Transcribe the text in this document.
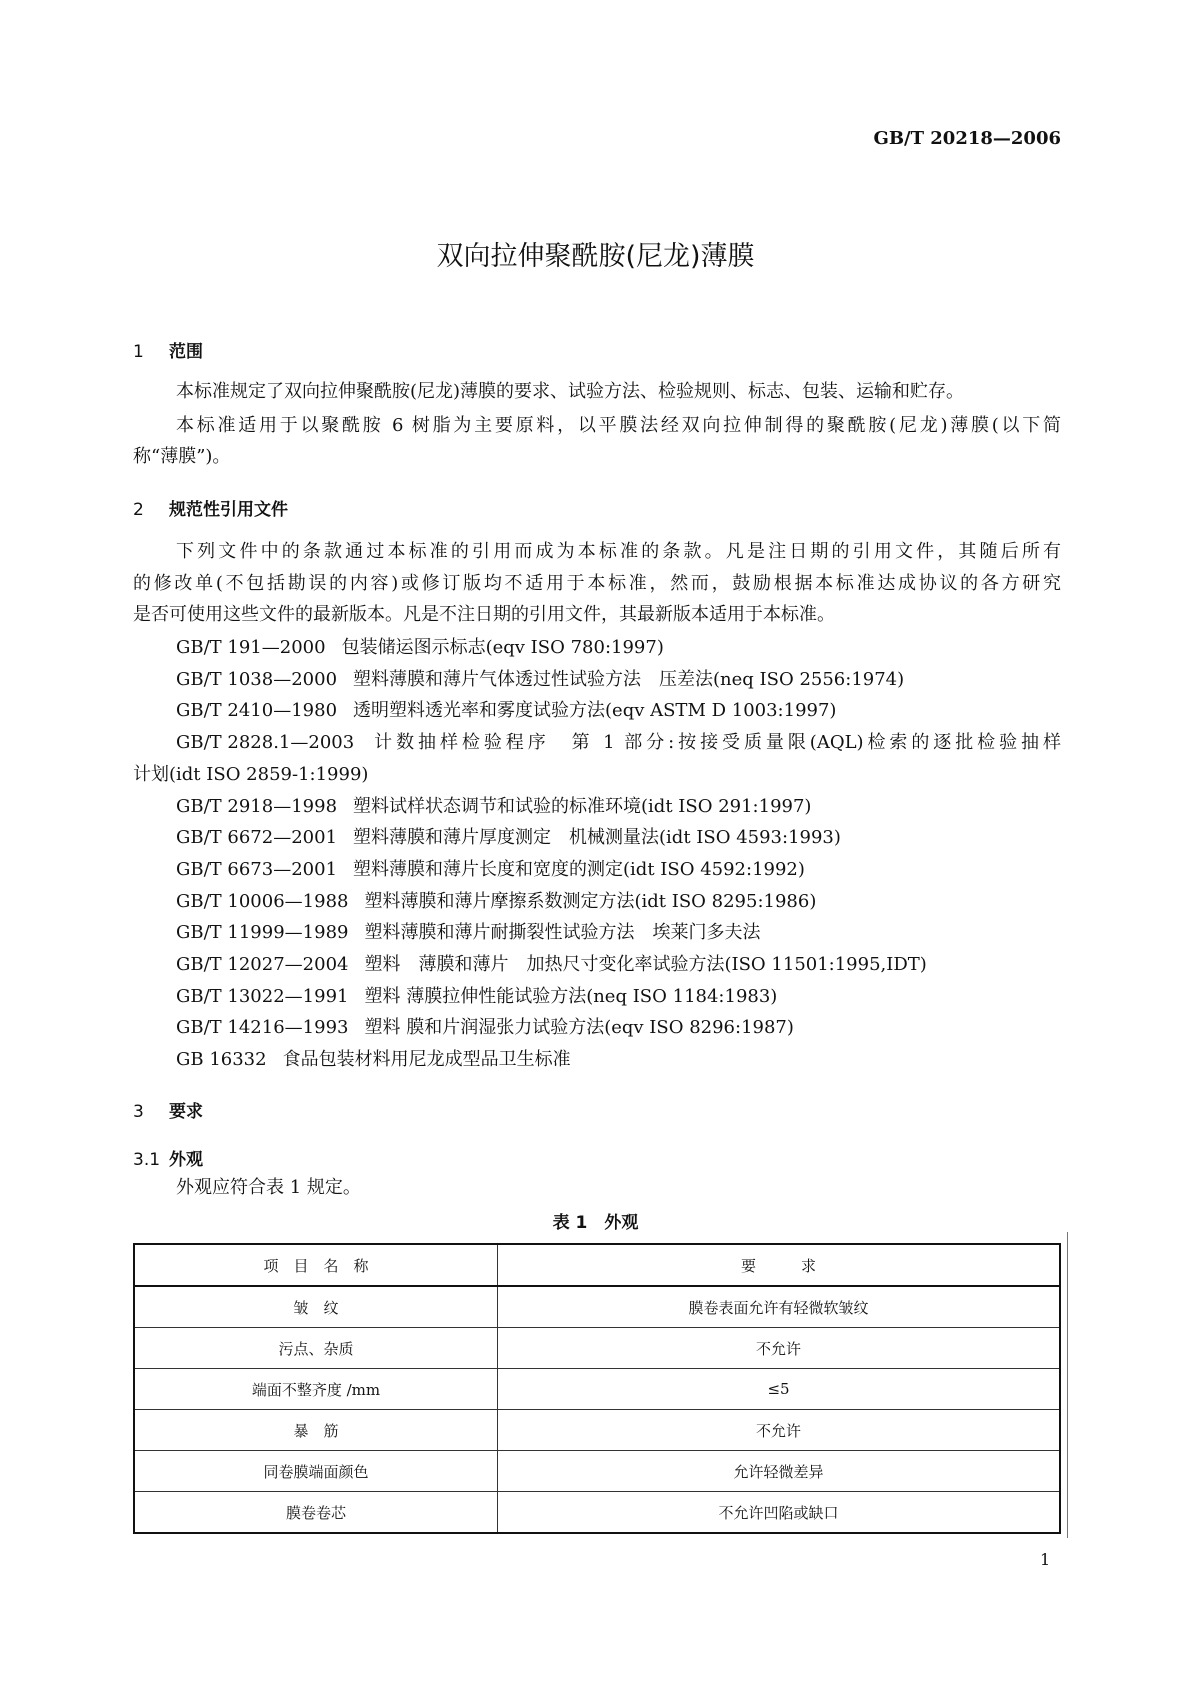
GB/T 20218—2006
双向拉伸聚酰胺(尼龙)薄膜
1 范围
本标准规定了双向拉伸聚酰胺(尼龙)薄膜的要求、试验方法、检验规则、标志、包装、运输和贮存。
本标准适用于以聚酰胺 6 树脂为主要原料，以平膜法经双向拉伸制得的聚酰胺(尼龙)薄膜(以下简
称“薄膜”)。
2 规范性引用文件
下列文件中的条款通过本标准的引用而成为本标准的条款。凡是注日期的引用文件，其随后所有
的修改单(不包括勘误的内容)或修订版均不适用于本标准，然而，鼓励根据本标准达成协议的各方研究
是否可使用这些文件的最新版本。凡是不注日期的引用文件，其最新版本适用于本标准。
GB/T 191—2000 包装储运图示标志(eqv ISO 780:1997)
GB/T 1038—2000 塑料薄膜和薄片气体透过性试验方法　压差法(neq ISO 2556:1974)
GB/T 2410—1980 透明塑料透光率和雾度试验方法(eqv ASTM D 1003:1997)
GB/T 2828.1—2003 计数抽样检验程序　第 1 部分:按接受质量限(AQL)检索的逐批检验抽样
计划(idt ISO 2859-1:1999)
GB/T 2918—1998 塑料试样状态调节和试验的标准环境(idt ISO 291:1997)
GB/T 6672—2001 塑料薄膜和薄片厚度测定　机械测量法(idt ISO 4593:1993)
GB/T 6673—2001 塑料薄膜和薄片长度和宽度的测定(idt ISO 4592:1992)
GB/T 10006—1988 塑料薄膜和薄片摩擦系数测定方法(idt ISO 8295:1986)
GB/T 11999—1989 塑料薄膜和薄片耐撕裂性试验方法　埃莱门多夫法
GB/T 12027—2004 塑料　薄膜和薄片　加热尺寸变化率试验方法(ISO 11501:1995,IDT)
GB/T 13022—1991 塑料 薄膜拉伸性能试验方法(neq ISO 1184:1983)
GB/T 14216—1993 塑料 膜和片润湿张力试验方法(eqv ISO 8296:1987)
GB 16332 食品包装材料用尼龙成型品卫生标准
3 要求
3.1 外观
外观应符合表 1 规定。
表 1　外观
项　目　名　称	要　　　求
皱　纹	膜卷表面允许有轻微软皱纹
污点、杂质	不允许
端面不整齐度 /mm	≤5
暴　筋	不允许
同卷膜端面颜色	允许轻微差异
膜卷卷芯	不允许凹陷或缺口
1
